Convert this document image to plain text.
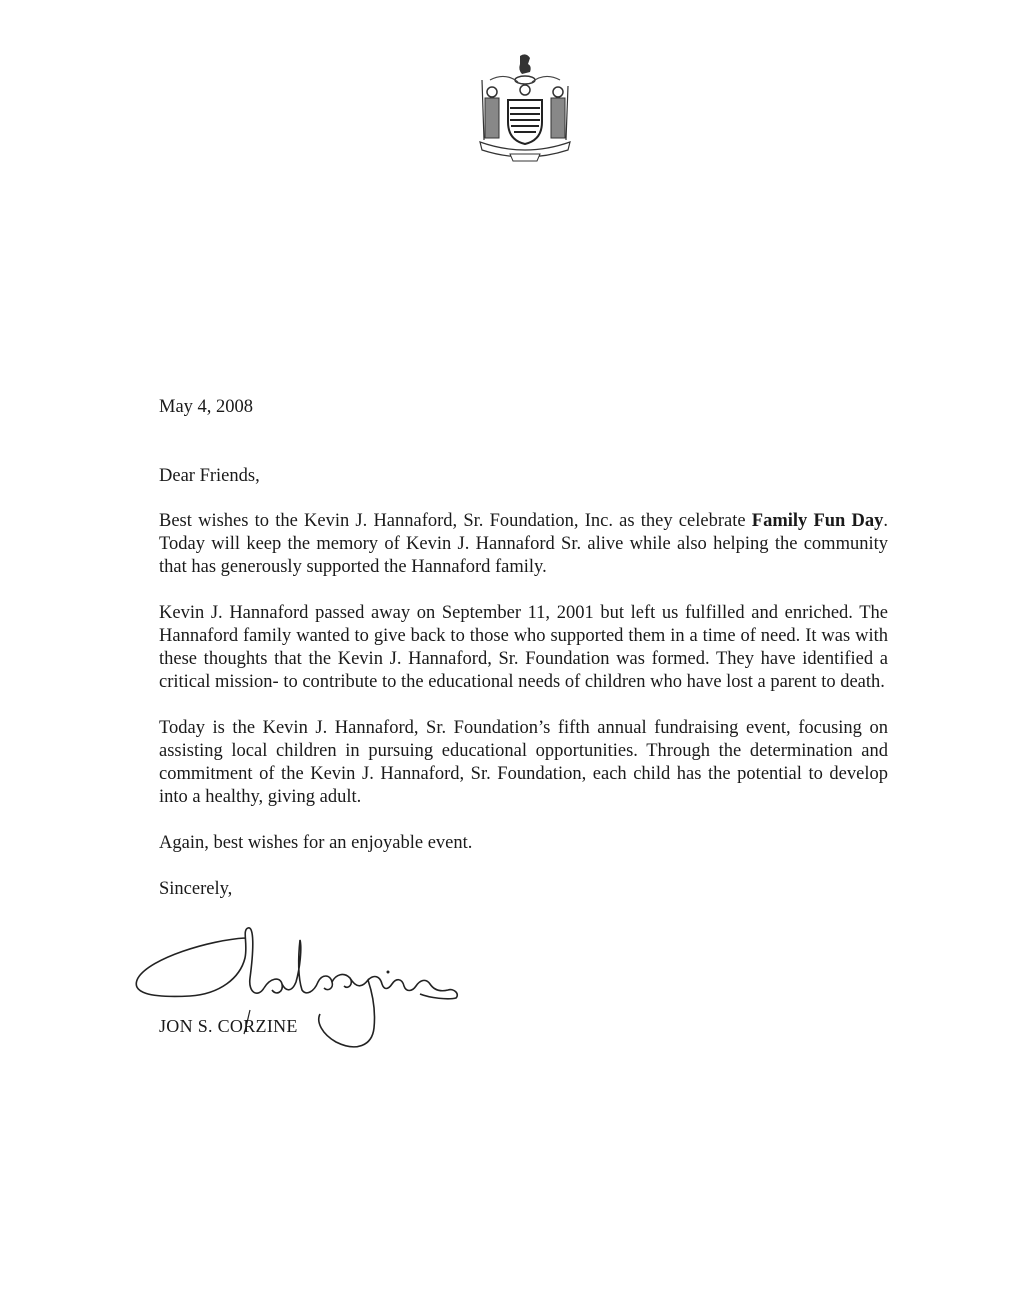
May 4, 2008

Dear Friends,

Best wishes to the Kevin J. Hannaford, Sr. Foundation, Inc. as they celebrate Family Fun Day. Today will keep the memory of Kevin J. Hannaford Sr. alive while also helping the community that has generously supported the Hannaford family.

Kevin J. Hannaford passed away on September 11, 2001 but left us fulfilled and enriched. The Hannaford family wanted to give back to those who supported them in a time of need. It was with these thoughts that the Kevin J. Hannaford, Sr. Foundation was formed. They have identified a critical mission- to contribute to the educational needs of children who have lost a parent to death.

Today is the Kevin J. Hannaford, Sr. Foundation’s fifth annual fundraising event, focusing on assisting local children in pursuing educational opportunities. Through the determination and commitment of the Kevin J. Hannaford, Sr. Foundation, each child has the potential to develop into a healthy, giving adult.

Again, best wishes for an enjoyable event.

Sincerely,

JON S. CORZINE
